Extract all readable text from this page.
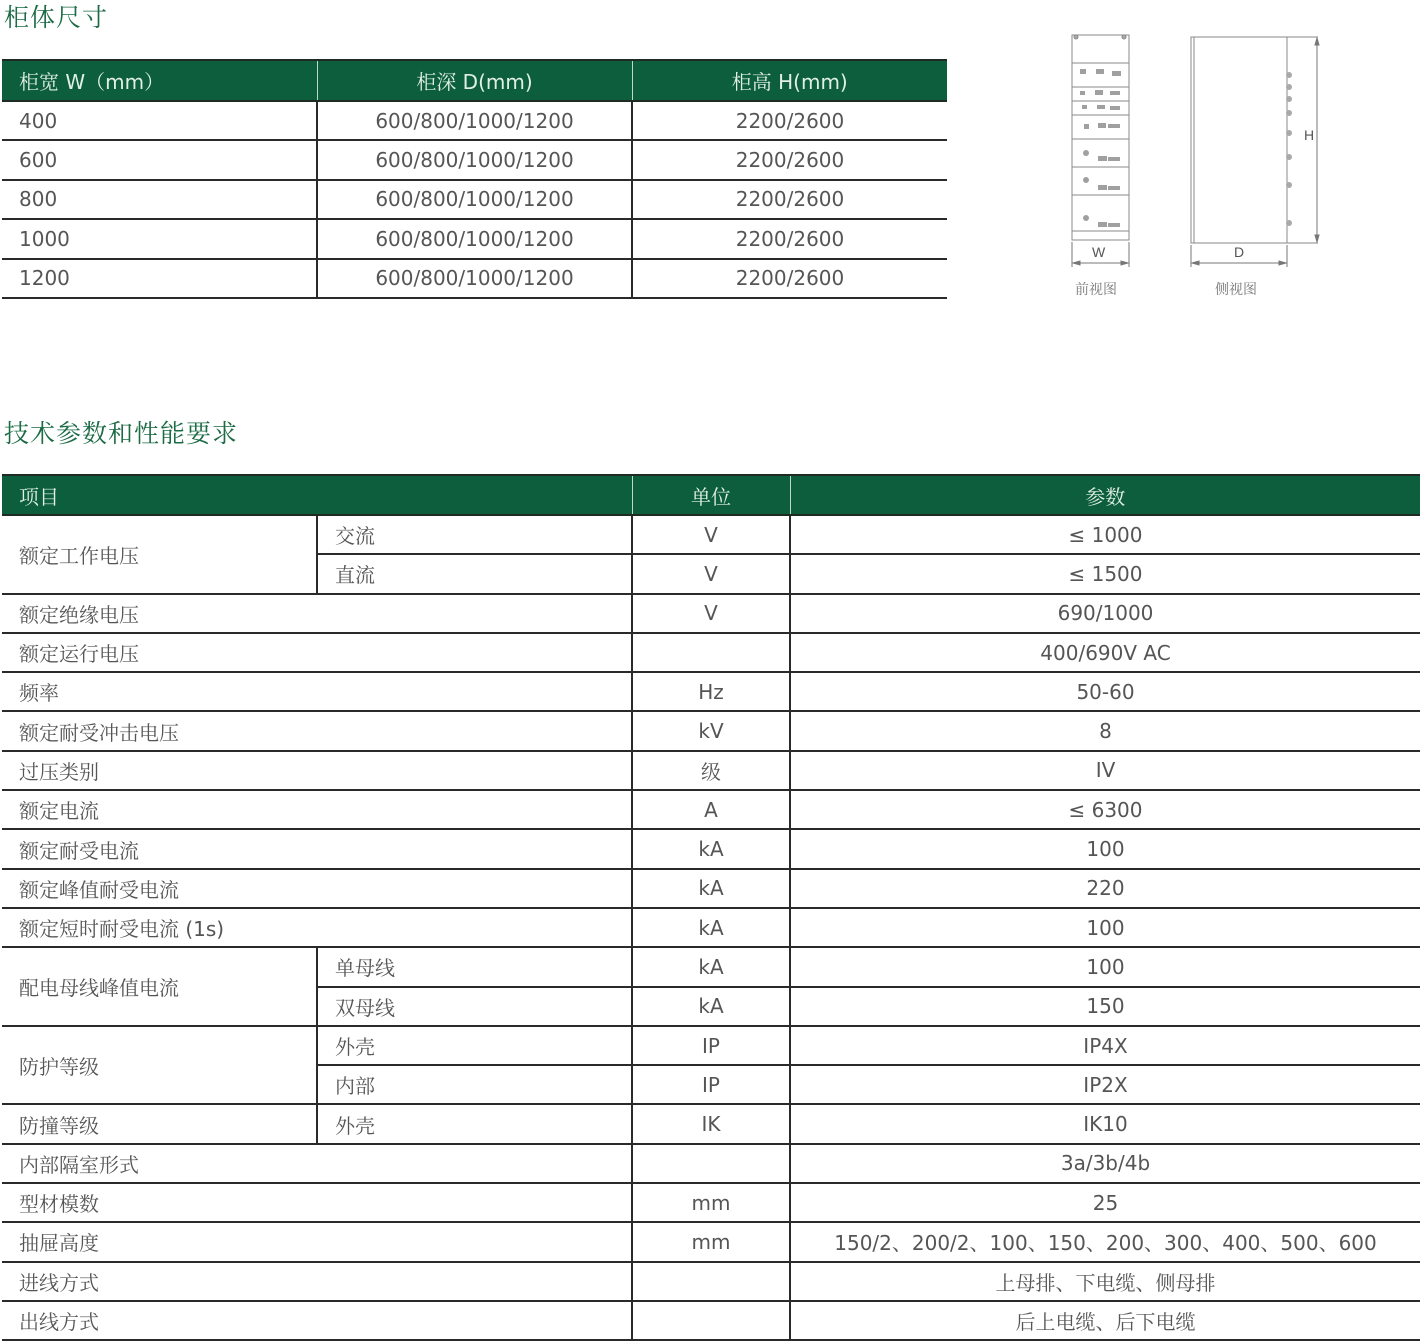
柜体尺寸
柜宽 W（mm）	柜深 D(mm)	柜高 H(mm)
400	600/800/1000/1200	2200/2600
600	600/800/1000/1200	2200/2600
800	600/800/1000/1200	2200/2600
1000	600/800/1000/1200	2200/2600
1200	600/800/1000/1200	2200/2600
W	D
H
前视图	侧视图
技术参数和性能要求
项目		单位	参数
额定工作电压	交流	V	≤ 1000
	直流	V	≤ 1500
额定绝缘电压		V	690/1000
额定运行电压			400/690V AC
频率		Hz	50-60
额定耐受冲击电压		kV	8
过压类别		级	IV
额定电流		A	≤ 6300
额定耐受电流		kA	100
额定峰值耐受电流		kA	220
额定短时耐受电流 (1s)		kA	100
配电母线峰值电流	单母线	kA	100
	双母线	kA	150
防护等级	外壳	IP	IP4X
	内部	IP	IP2X
防撞等级	外壳	IK	IK10
内部隔室形式			3a/3b/4b
型材模数		mm	25
抽屉高度		mm	150/2、200/2、100、150、200、300、400、500、600
进线方式			上母排、下电缆、侧母排
出线方式			后上电缆、后下电缆
